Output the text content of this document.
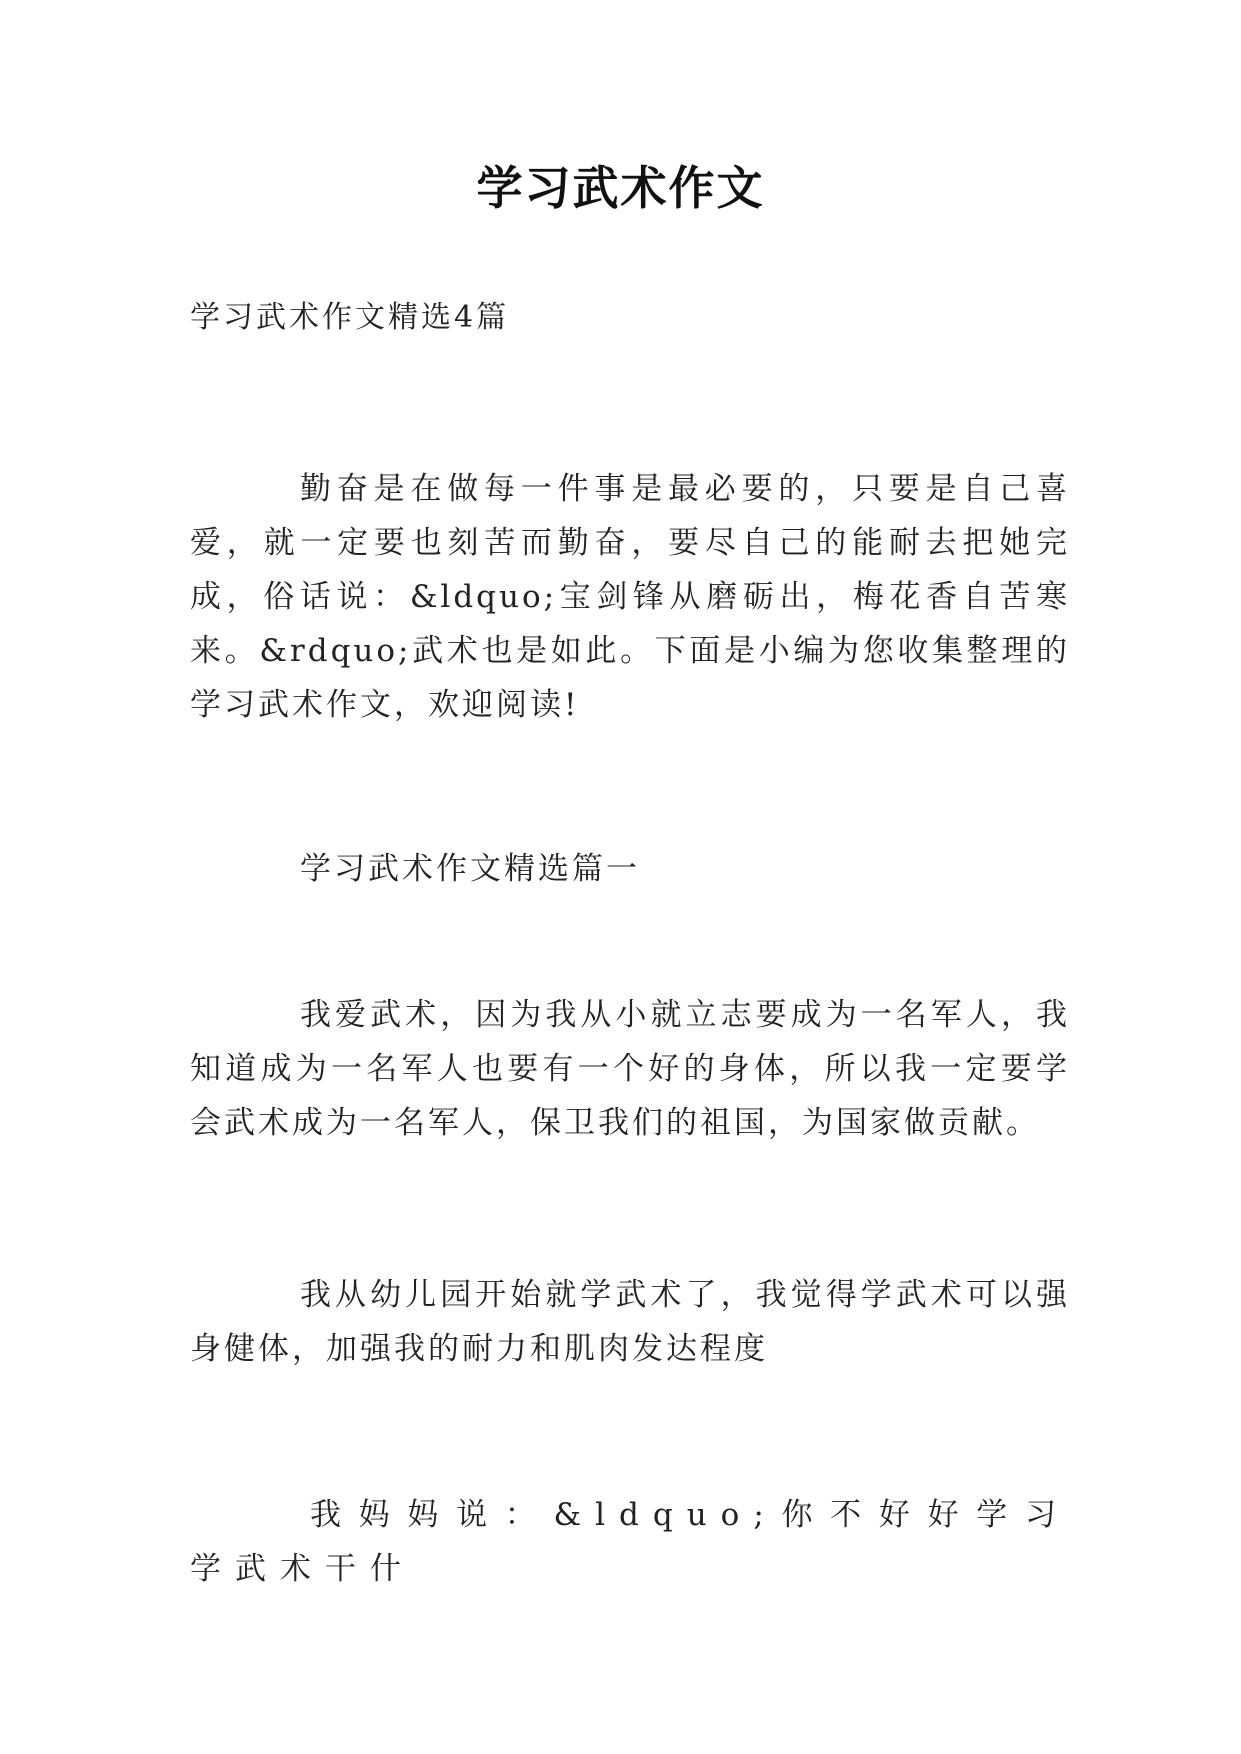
学习武术作文
学习武术作文精选4篇
勤奋是在做每一件事是最必要的，只要是自己喜爱，就一定要也刻苦而勤奋，要尽自己的能耐去把她完成，俗话说：&ldquo;宝剑锋从磨砺出，梅花香自苦寒来。&rdquo;武术也是如此。下面是小编为您收集整理的学习武术作文，欢迎阅读!
学习武术作文精选篇一
我爱武术，因为我从小就立志要成为一名军人，我知道成为一名军人也要有一个好的身体，所以我一定要学会武术成为一名军人，保卫我们的祖国，为国家做贡献。
我从幼儿园开始就学武术了，我觉得学武术可以强身健体，加强我的耐力和肌肉发达程度
我妈妈说：&ldquo;你不好好学习学武术干什
